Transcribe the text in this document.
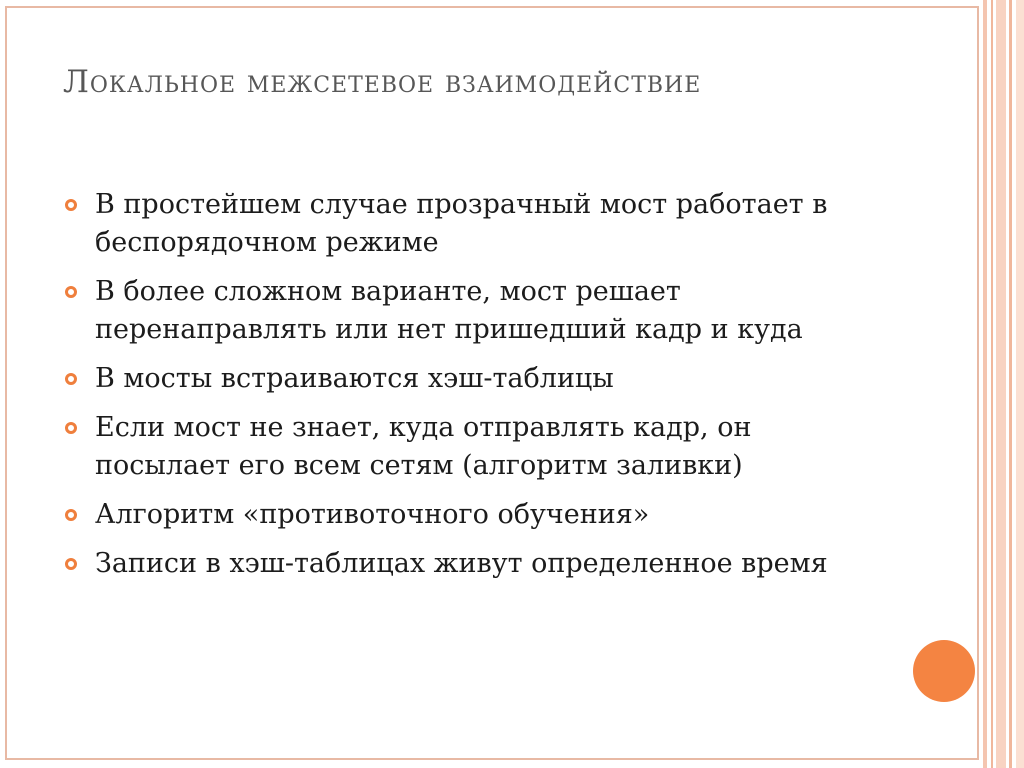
Локальное межсетевое взаимодействие
В простейшем случае прозрачный мост работает в беспорядочном режиме
В более сложном варианте, мост решает перенаправлять или нет пришедший кадр и куда
В мосты встраиваются хэш-таблицы
Если мост не знает, куда отправлять кадр, он посылает его всем сетям (алгоритм заливки)
Алгоритм «противоточного обучения»
Записи в хэш-таблицах живут определенное время
